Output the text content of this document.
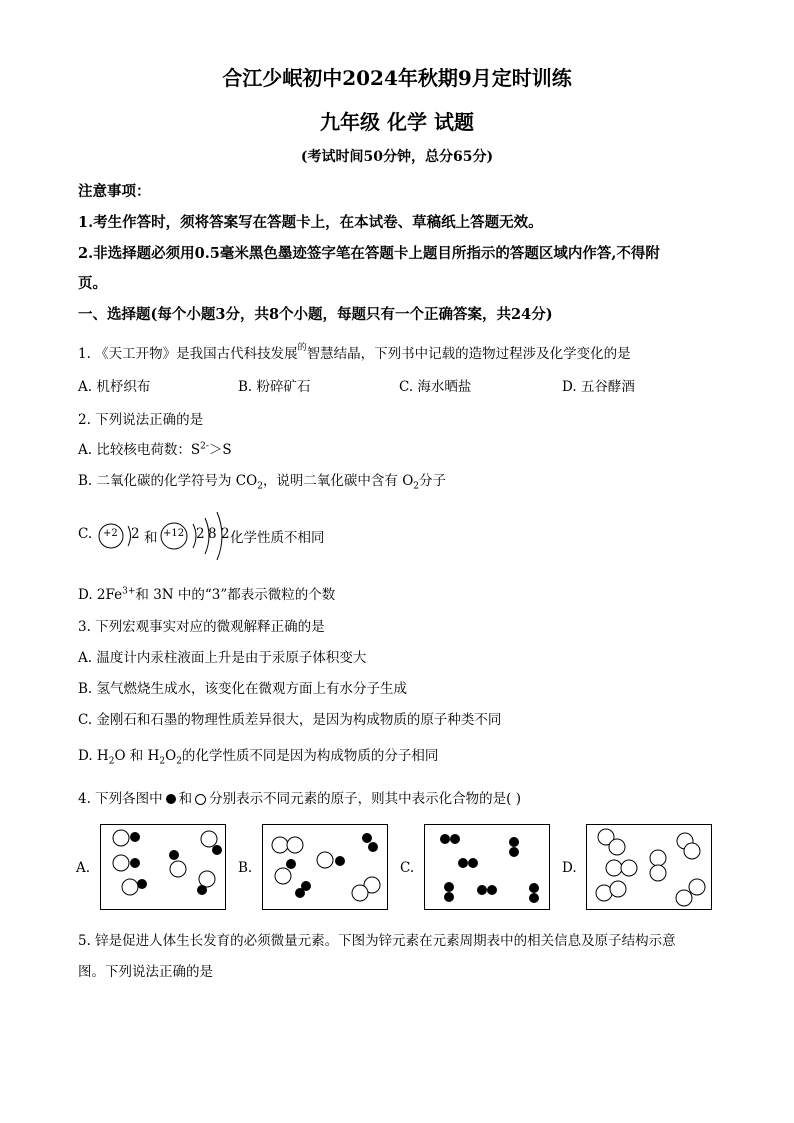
合江少岷初中2024年秋期9月定时训练
九年级 化学 试题
(考试时间50分钟，总分65分)
注意事项：
1.考生作答时，须将答案写在答题卡上，在本试卷、草稿纸上答题无效。
2.非选择题必须用0.5毫米黑色墨迹签字笔在答题卡上题目所指示的答题区域内作答,不得附
页。
一、选择题(每个小题3分，共8个小题，每题只有一个正确答案，共24分)
1. 《天工开物》是我国古代科技发展$^的$智慧结晶，下列书中记载的造物过程涉及化学变化的是
A. 机杼织布	B. 粉碎矿石	C. 海水晒盐	D. 五谷酵酒
2. 下列说法正确的是
A. 比较核电荷数：$S^{2-}>S$
B. 二氧化碳的化学符号为 $CO_2$，说明二氧化碳中含有 $O_2$分子
C. +2 2 和 +12 2 8 2 化学性质不相同
D. $2Fe^{3+}$和 3N 中的“3”都表示微粒的个数
3. 下列宏观事实对应的微观解释正确的是
A. 温度计内汞柱液面上升是由于汞原子体积变大
B. 氢气燃烧生成水，该变化在微观方面上有水分子生成
C. 金刚石和石墨的物理性质差异很大，是因为构成物质的原子种类不同
D. $H_2O$ 和 $H_2O_2$的化学性质不同是因为构成物质的分子相同
4. 下列各图中 和 分别表示不同元素的原子，则其中表示化合物的是( )
A.	B.	C.	D.
5. 锌是促进人体生长发育的必须微量元素。下图为锌元素在元素周期表中的相关信息及原子结构示意
图。下列说法正确的是
